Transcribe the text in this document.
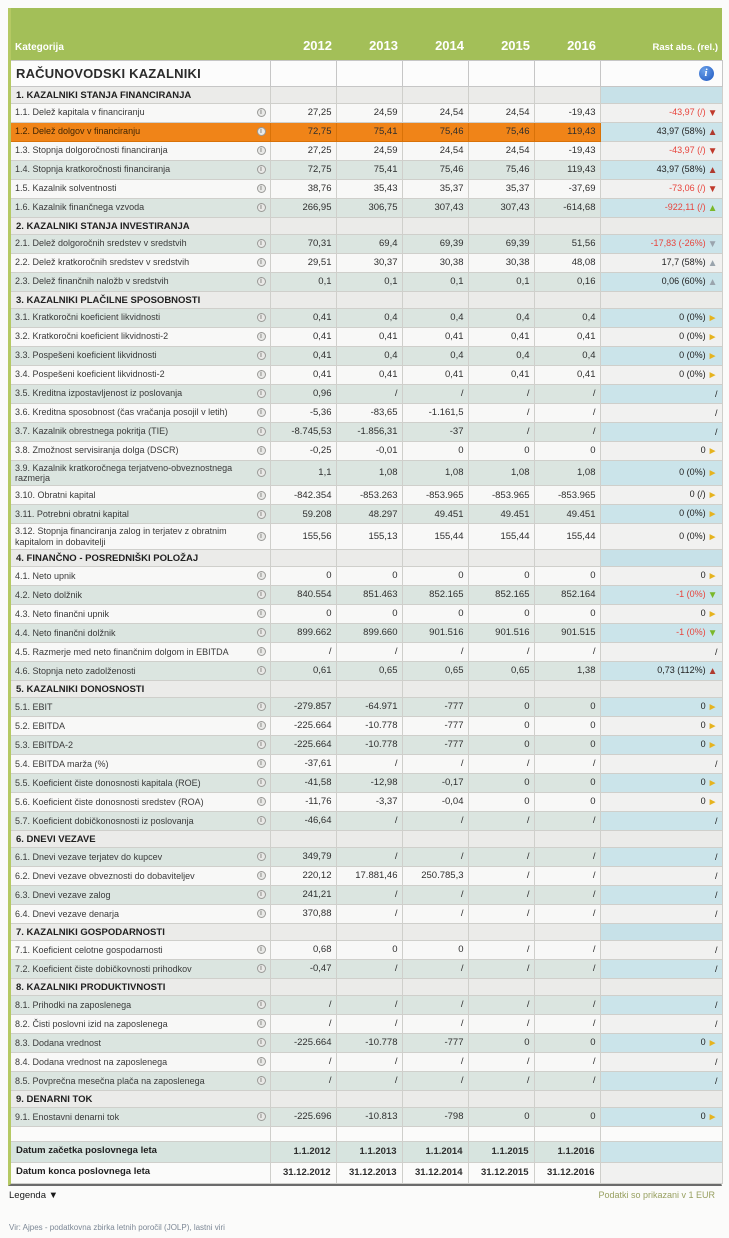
Kategorija	2012	2013	2014	2015	2016	Rast abs. (rel.)
RAČUNOVODSKI KAZALNIKI						i
1. KAZALNIKI STANJA FINANCIRANJA						

1.1. Delež kapitala v financiranju i	27,25	24,59	24,54	24,54	-19,43	-43,97 (/) ▼

1.2. Delež dolgov v financiranju i	72,75	75,41	75,46	75,46	119,43	43,97 (58%) ▲

1.3. Stopnja dolgoročnosti financiranja i	27,25	24,59	24,54	24,54	-19,43	-43,97 (/) ▼

1.4. Stopnja kratkoročnosti financiranja i	72,75	75,41	75,46	75,46	119,43	43,97 (58%) ▲

1.5. Kazalnik solventnosti i	38,76	35,43	35,37	35,37	-37,69	-73,06 (/) ▼

1.6. Kazalnik finančnega vzvoda i	266,95	306,75	307,43	307,43	-614,68	-922,11 (/) ▲
2. KAZALNIKI STANJA INVESTIRANJA						

2.1. Delež dolgoročnih sredstev v sredstvih i	70,31	69,4	69,39	69,39	51,56	-17,83 (-26%) ▼

2.2. Delež kratkoročnih sredstev v sredstvih i	29,51	30,37	30,38	30,38	48,08	17,7 (58%) ▲

2.3. Delež finančnih naložb v sredstvih i	0,1	0,1	0,1	0,1	0,16	0,06 (60%) ▲
3. KAZALNIKI PLAČILNE SPOSOBNOSTI						

3.1. Kratkoročni koeficient likvidnosti i	0,41	0,4	0,4	0,4	0,4	0 (0%) ►

3.2. Kratkoročni koeficient likvidnosti-2 i	0,41	0,41	0,41	0,41	0,41	0 (0%) ►

3.3. Pospešeni koeficient likvidnosti i	0,41	0,4	0,4	0,4	0,4	0 (0%) ►

3.4. Pospešeni koeficient likvidnosti-2 i	0,41	0,41	0,41	0,41	0,41	0 (0%) ►

3.5. Kreditna izpostavljenost iz poslovanja i	0,96	/	/	/	/	/

3.6. Kreditna sposobnost (čas vračanja posojil v letih) i	-5,36	-83,65	-1.161,5	/	/	/

3.7. Kazalnik obrestnega pokritja (TIE) i	-8.745,53	-1.856,31	-37	/	/	/

3.8. Zmožnost servisiranja dolga (DSCR) i	-0,25	-0,01	0	0	0	0 ►

3.9. Kazalnik kratkoročnega terjatveno-obveznostnega razmerja i	1,1	1,08	1,08	1,08	1,08	0 (0%) ►

3.10. Obratni kapital i	-842.354	-853.263	-853.965	-853.965	-853.965	0 (/) ►

3.11. Potrebni obratni kapital i	59.208	48.297	49.451	49.451	49.451	0 (0%) ►

3.12. Stopnja financiranja zalog in terjatev z obratnim kapitalom in dobavitelji i	155,56	155,13	155,44	155,44	155,44	0 (0%) ►
4. FINANČNO - POSREDNIŠKI POLOŽAJ						

4.1. Neto upnik i	0	0	0	0	0	0 ►

4.2. Neto dolžnik i	840.554	851.463	852.165	852.165	852.164	-1 (0%) ▼

4.3. Neto finančni upnik i	0	0	0	0	0	0 ►

4.4. Neto finančni dolžnik i	899.662	899.660	901.516	901.516	901.515	-1 (0%) ▼

4.5. Razmerje med neto finančnim dolgom in EBITDA i	/	/	/	/	/	/

4.6. Stopnja neto zadolženosti i	0,61	0,65	0,65	0,65	1,38	0,73 (112%) ▲
5. KAZALNIKI DONOSNOSTI						

5.1. EBIT i	-279.857	-64.971	-777	0	0	0 ►

5.2. EBITDA i	-225.664	-10.778	-777	0	0	0 ►

5.3. EBITDA-2 i	-225.664	-10.778	-777	0	0	0 ►

5.4. EBITDA marža (%) i	-37,61	/	/	/	/	/

5.5. Koeficient čiste donosnosti kapitala (ROE) i	-41,58	-12,98	-0,17	0	0	0 ►

5.6. Koeficient čiste donosnosti sredstev (ROA) i	-11,76	-3,37	-0,04	0	0	0 ►

5.7. Koeficient dobičkonosnosti iz poslovanja i	-46,64	/	/	/	/	/
6. DNEVI VEZAVE						

6.1. Dnevi vezave terjatev do kupcev i	349,79	/	/	/	/	/

6.2. Dnevi vezave obveznosti do dobaviteljev i	220,12	17.881,46	250.785,3	/	/	/

6.3. Dnevi vezave zalog i	241,21	/	/	/	/	/

6.4. Dnevi vezave denarja i	370,88	/	/	/	/	/
7. KAZALNIKI GOSPODARNOSTI						

7.1. Koeficient celotne gospodarnosti i	0,68	0	0	/	/	/

7.2. Koeficient čiste dobičkovnosti prihodkov i	-0,47	/	/	/	/	/
8. KAZALNIKI PRODUKTIVNOSTI						

8.1. Prihodki na zaposlenega i	/	/	/	/	/	/

8.2. Čisti poslovni izid na zaposlenega i	/	/	/	/	/	/

8.3. Dodana vrednost i	-225.664	-10.778	-777	0	0	0 ►

8.4. Dodana vrednost na zaposlenega i	/	/	/	/	/	/

8.5. Povprečna mesečna plača na zaposlenega i	/	/	/	/	/	/
9. DENARNI TOK						

9.1. Enostavni denarni tok i	-225.696	-10.813	-798	0	0	0 ►

Datum začetka poslovnega leta	1.1.2012	1.1.2013	1.1.2014	1.1.2015	1.1.2016	

Datum konca poslovnega leta	31.12.2012	31.12.2013	31.12.2014	31.12.2015	31.12.2016	
Legenda ▼	Podatki so prikazani v 1 EUR
Vir: Ajpes - podatkovna zbirka letnih poročil (JOLP), lastni viri
